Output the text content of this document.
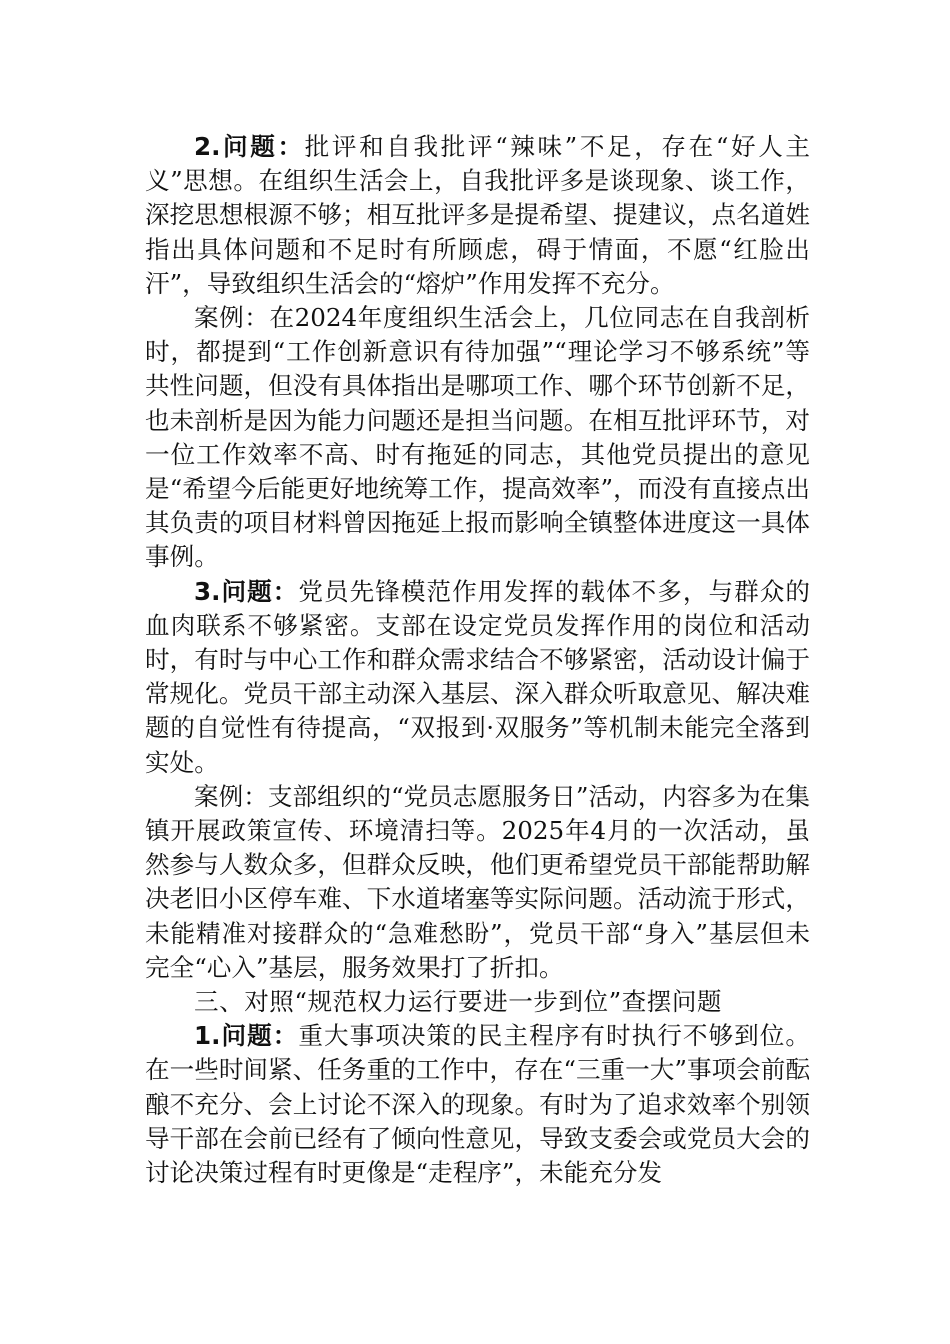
2.问题：批评和自我批评“辣味”不足，存在“好人主义”思想。在组织生活会上，自我批评多是谈现象、谈工作，深挖思想根源不够；相互批评多是提希望、提建议，点名道姓指出具体问题和不足时有所顾虑，碍于情面，不愿“红脸出汗”，导致组织生活会的“熔炉”作用发挥不充分。

案例：在2024年度组织生活会上，几位同志在自我剖析时，都提到“工作创新意识有待加强”“理论学习不够系统”等共性问题，但没有具体指出是哪项工作、哪个环节创新不足，也未剖析是因为能力问题还是担当问题。在相互批评环节，对一位工作效率不高、时有拖延的同志，其他党员提出的意见是“希望今后能更好地统筹工作，提高效率”，而没有直接点出其负责的项目材料曾因拖延上报而影响全镇整体进度这一具体事例。

3.问题：党员先锋模范作用发挥的载体不多，与群众的血肉联系不够紧密。支部在设定党员发挥作用的岗位和活动时，有时与中心工作和群众需求结合不够紧密，活动设计偏于常规化。党员干部主动深入基层、深入群众听取意见、解决难题的自觉性有待提高，“双报到·双服务”等机制未能完全落到实处。

案例：支部组织的“党员志愿服务日”活动，内容多为在集镇开展政策宣传、环境清扫等。2025年4月的一次活动，虽然参与人数众多，但群众反映，他们更希望党员干部能帮助解决老旧小区停车难、下水道堵塞等实际问题。活动流于形式，未能精准对接群众的“急难愁盼”，党员干部“身入”基层但未完全“心入”基层，服务效果打了折扣。

三、对照“规范权力运行要进一步到位”查摆问题

1.问题：重大事项决策的民主程序有时执行不够到位。在一些时间紧、任务重的工作中，存在“三重一大”事项会前酝酿不充分、会上讨论不深入的现象。有时为了追求效率个别领导干部在会前已经有了倾向性意见，导致支委会或党员大会的讨论决策过程有时更像是“走程序”，未能充分发
